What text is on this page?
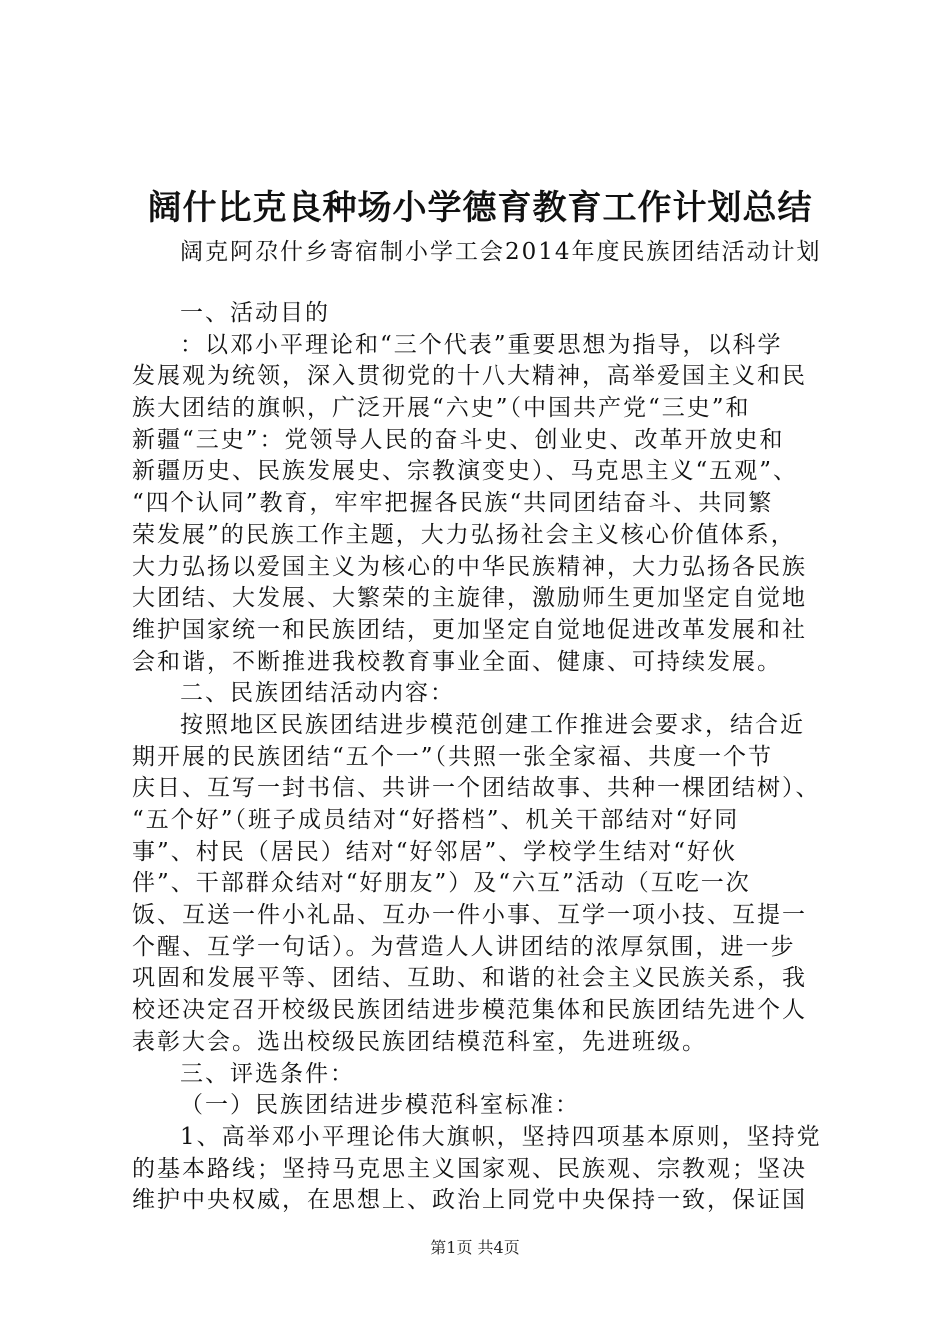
阔什比克良种场小学德育教育工作计划总结
阔克阿尕什乡寄宿制小学工会2014年度民族团结活动计划
一、活动目的
：以邓小平理论和“三个代表”重要思想为指导，以科学
发展观为统领，深入贯彻党的十八大精神，高举爱国主义和民
族大团结的旗帜，广泛开展“六史”（中国共产党“三史”和
新疆“三史”：党领导人民的奋斗史、创业史、改革开放史和
新疆历史、民族发展史、宗教演变史）、马克思主义“五观”、
“四个认同”教育，牢牢把握各民族“共同团结奋斗、共同繁
荣发展”的民族工作主题，大力弘扬社会主义核心价值体系，
大力弘扬以爱国主义为核心的中华民族精神，大力弘扬各民族
大团结、大发展、大繁荣的主旋律，激励师生更加坚定自觉地
维护国家统一和民族团结，更加坚定自觉地促进改革发展和社
会和谐，不断推进我校教育事业全面、健康、可持续发展。
二、民族团结活动内容：
按照地区民族团结进步模范创建工作推进会要求，结合近
期开展的民族团结“五个一”（共照一张全家福、共度一个节
庆日、互写一封书信、共讲一个团结故事、共种一棵团结树）、
“五个好”（班子成员结对“好搭档”、机关干部结对“好同
事”、村民（居民）结对“好邻居”、学校学生结对“好伙
伴”、干部群众结对“好朋友”）及“六互”活动（互吃一次
饭、互送一件小礼品、互办一件小事、互学一项小技、互提一
个醒、互学一句话）。为营造人人讲团结的浓厚氛围，进一步
巩固和发展平等、团结、互助、和谐的社会主义民族关系，我
校还决定召开校级民族团结进步模范集体和民族团结先进个人
表彰大会。选出校级民族团结模范科室，先进班级。
三、评选条件：
（一）民族团结进步模范科室标准：
1、高举邓小平理论伟大旗帜，坚持四项基本原则，坚持党
的基本路线；坚持马克思主义国家观、民族观、宗教观；坚决
维护中央权威，在思想上、政治上同党中央保持一致，保证国
第1页 共4页
